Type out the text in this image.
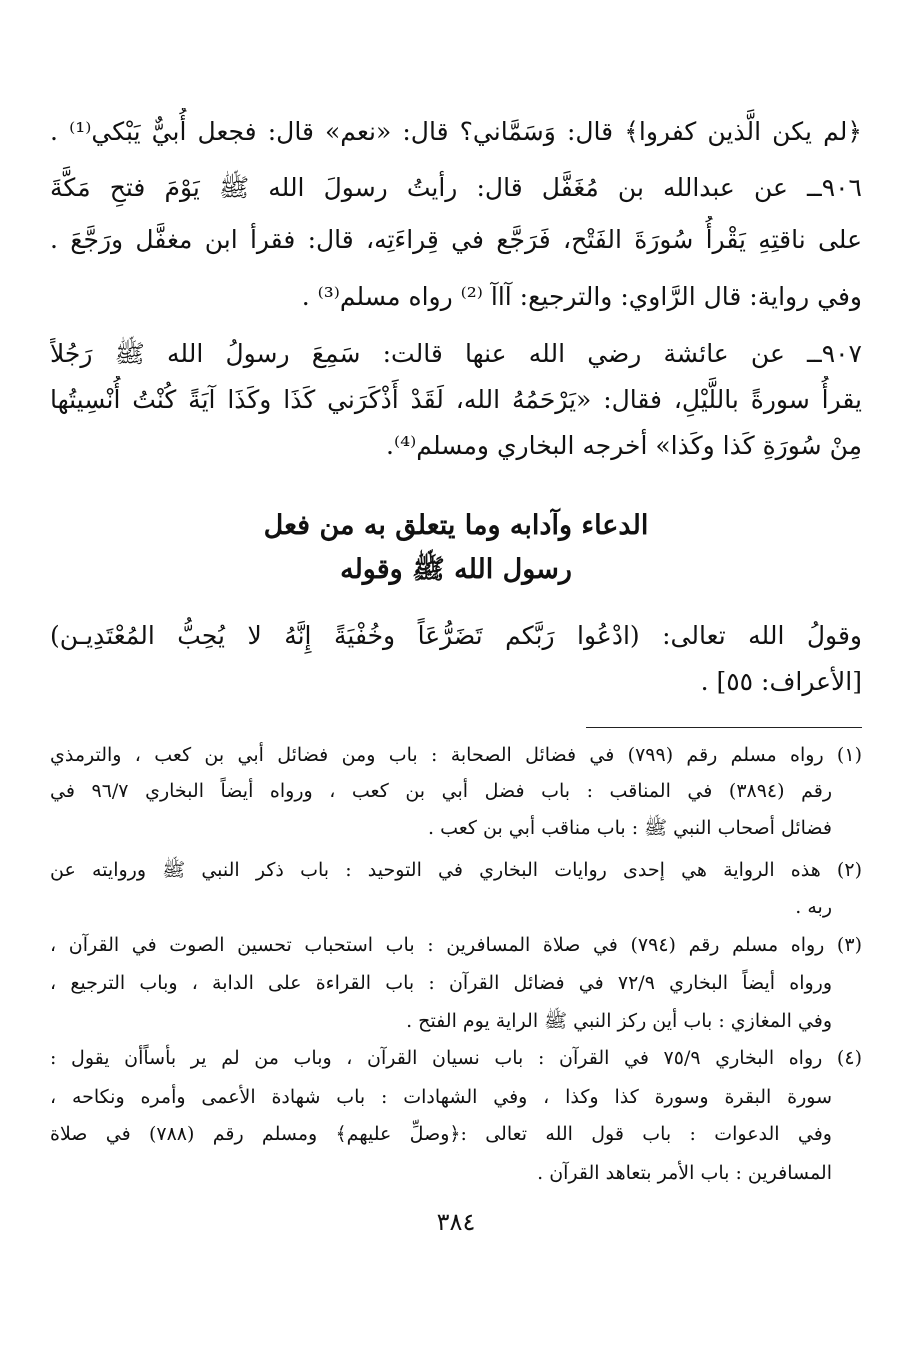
﴿لم يكن الَّذين كفروا﴾ قال: وَسَمَّاني؟ قال: «نعم» قال: فجعل أُبيٌّ يَبْكي⁽¹⁾ .
٩٠٦ــ عن عبدالله بن مُغَفَّل قال: رأيتُ رسولَ الله ﷺ يَوْمَ فتحِ مَكَّةَ
على ناقتِهِ يَقْرأُ سُورَةَ الفَتْح، فَرَجَّع في قِراءَتِه، قال: فقرأ ابن مغفَّل ورَجَّعَ .
وفي رواية: قال الرَّاوي: والترجيع: آاآ ⁽²⁾ رواه مسلم⁽³⁾ .
٩٠٧ــ عن عائشة رضي الله عنها قالت: سَمِعَ رسولُ الله ﷺ رَجُلاً
يقرأُ سورةً باللَّيْلِ، فقال: «يَرْحَمُهُ الله، لَقَدْ أَذْكَرَني كَذَا وكَذَا آيَةً كُنْتُ أُنْسِيتُها
مِنْ سُورَةِ كَذا وكَذا» أخرجه البخاري ومسلم⁽⁴⁾.
الدعاء وآدابه وما يتعلق به من فعل
رسول الله ﷺ وقوله
وقولُ الله تعالى: (ادْعُوا رَبَّكم تَضَرُّعَاً وخُفْيَةً إِنَّهُ لا يُحِبُّ المُعْتَدِيـن)
[الأعراف: ٥٥] .
(١) رواه مسلم رقم (٧٩٩) في فضائل الصحابة : باب ومن فضائل أبي بن كعب ، والترمذي
رقم (٣٨٩٤) في المناقب : باب فضل أبي بن كعب ، ورواه أيضاً البخاري ٩٦/٧ في
فضائل أصحاب النبي ﷺ : باب مناقب أبي بن كعب .
(٢) هذه الرواية هي إحدى روايات البخاري في التوحيد : باب ذكر النبي ﷺ وروايته عن
ربه .
(٣) رواه مسلم رقم (٧٩٤) في صلاة المسافرين : باب استحباب تحسين الصوت في القرآن ،
ورواه أيضاً البخاري ٧٢/٩ في فضائل القرآن : باب القراءة على الدابة ، وباب الترجيع ،
وفي المغازي : باب أين ركز النبي ﷺ الراية يوم الفتح .
(٤) رواه البخاري ٧٥/٩ في القرآن : باب نسيان القرآن ، وباب من لم ير بأساًأن يقول :
سورة البقرة وسورة كذا وكذا ، وفي الشهادات : باب شهادة الأعمى وأمره ونكاحه ،
وفي الدعوات : باب قول الله تعالى :﴿وصلِّ عليهم﴾ ومسلم رقم (٧٨٨) في صلاة
المسافرين : باب الأمر بتعاهد القرآن .
٣٨٤
